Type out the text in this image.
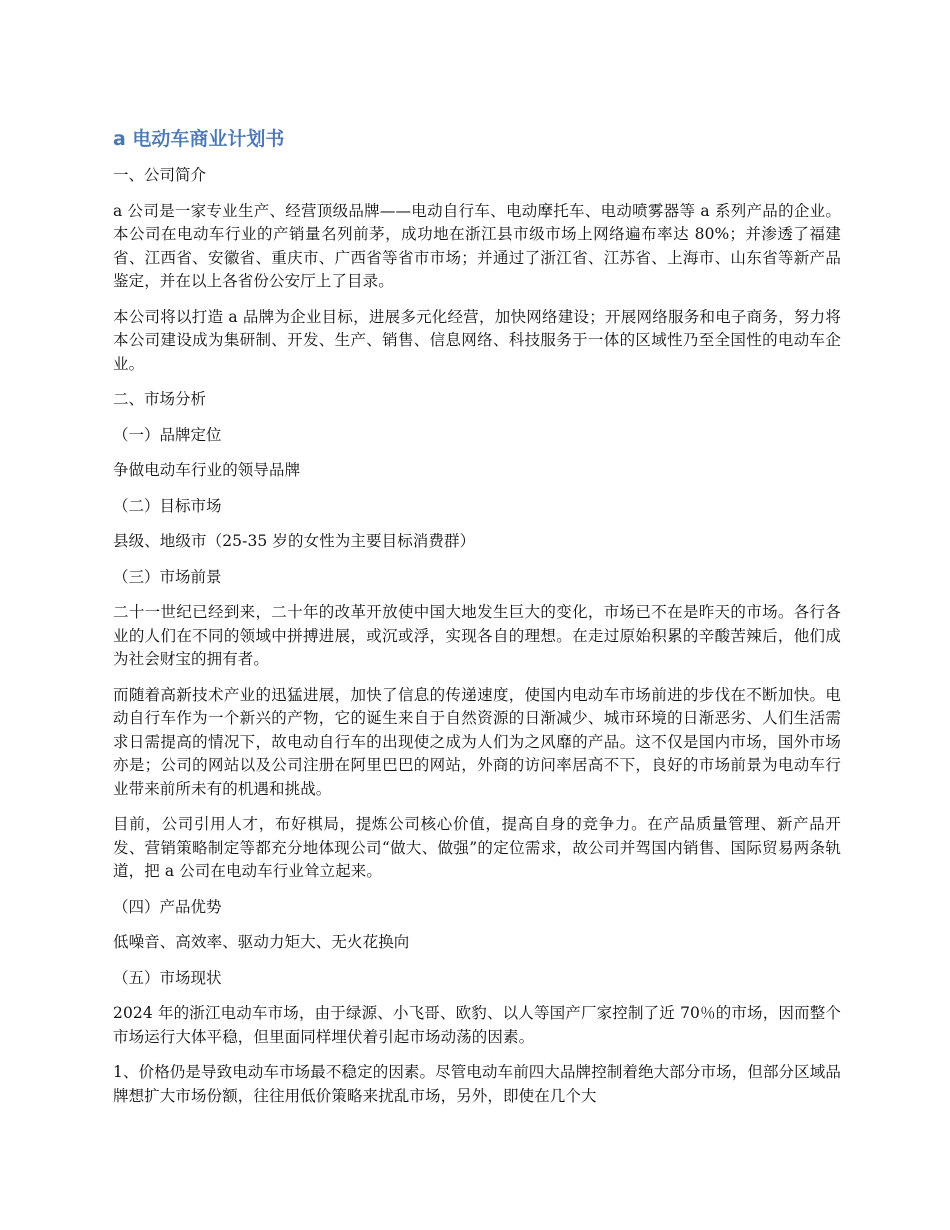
a 电动车商业计划书

一、公司简介

a 公司是一家专业生产、经营顶级品牌——电动自行车、电动摩托车、电动喷雾器等 a 系列产品的企业。本公司在电动车行业的产销量名列前茅，成功地在浙江县市级市场上网络遍布率达 80%；并渗透了福建省、江西省、安徽省、重庆市、广西省等省市市场；并通过了浙江省、江苏省、上海市、山东省等新产品鉴定，并在以上各省份公安厅上了目录。

本公司将以打造 a 品牌为企业目标，进展多元化经营，加快网络建设；开展网络服务和电子商务，努力将本公司建设成为集研制、开发、生产、销售、信息网络、科技服务于一体的区域性乃至全国性的电动车企业。

二、市场分析

（一）品牌定位

争做电动车行业的领导品牌

（二）目标市场

县级、地级市（25-35 岁的女性为主要目标消费群）

（三）市场前景

二十一世纪已经到来，二十年的改革开放使中国大地发生巨大的变化，市场已不在是昨天的市场。各行各业的人们在不同的领域中拼搏进展，或沉或浮，实现各自的理想。在走过原始积累的辛酸苦辣后，他们成为社会财宝的拥有者。

而随着高新技术产业的迅猛进展，加快了信息的传递速度，使国内电动车市场前进的步伐在不断加快。电动自行车作为一个新兴的产物，它的诞生来自于自然资源的日渐减少、城市环境的日渐恶劣、人们生活需求日需提高的情况下，故电动自行车的出现使之成为人们为之风靡的产品。这不仅是国内市场，国外市场亦是；公司的网站以及公司注册在阿里巴巴的网站，外商的访问率居高不下，良好的市场前景为电动车行业带来前所未有的机遇和挑战。

目前，公司引用人才，布好棋局，提炼公司核心价值，提高自身的竞争力。在产品质量管理、新产品开发、营销策略制定等都充分地体现公司“做大、做强”的定位需求，故公司并驾国内销售、国际贸易两条轨道，把 a 公司在电动车行业耸立起来。

（四）产品优势

低噪音、高效率、驱动力矩大、无火花换向

（五）市场现状

2024 年的浙江电动车市场，由于绿源、小飞哥、欧豹、以人等国产厂家控制了近 70％的市场，因而整个市场运行大体平稳，但里面同样埋伏着引起市场动荡的因素。

1、价格仍是导致电动车市场最不稳定的因素。尽管电动车前四大品牌控制着绝大部分市场，但部分区域品牌想扩大市场份额，往往用低价策略来扰乱市场，另外，即使在几个大
